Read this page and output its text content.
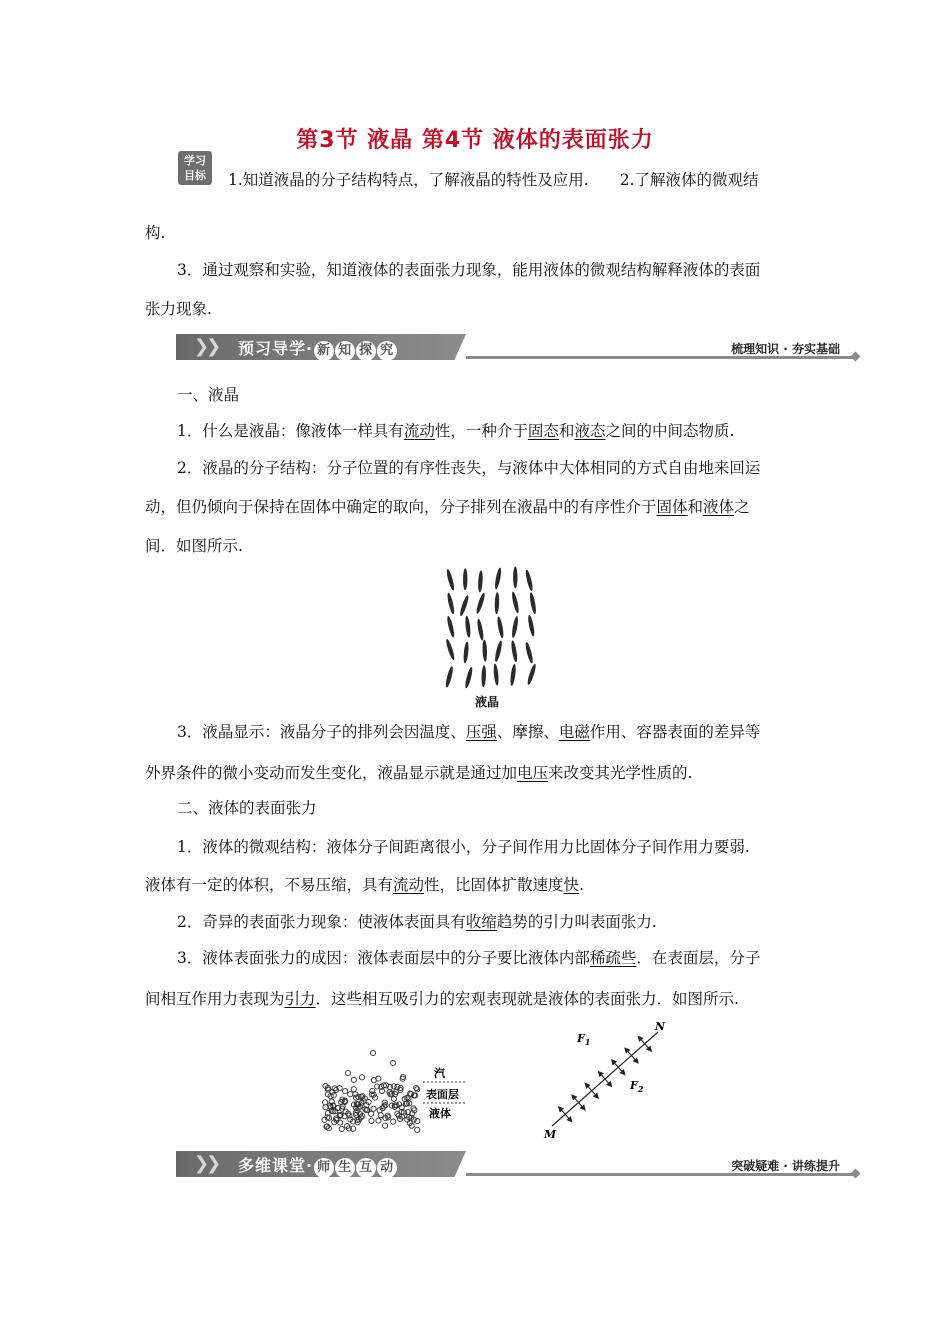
第3节 液晶 第4节 液体的表面张力
学习
目标	1.知道液晶的分子结构特点，了解液晶的特性及应用.　　2.了解液体的微观结
构.
3．通过观察和实验，知道液体的表面张力现象，能用液体的微观结构解释液体的表面
张力现象.
❯❯ 预习导学· 新 知 探 究	梳理知识 · 夯实基础
一、液晶
1．什么是液晶：像液体一样具有流动性，一种介于固态和液态之间的中间态物质.
2．液晶的分子结构：分子位置的有序性丧失，与液体中大体相同的方式自由地来回运
动，但仍倾向于保持在固体中确定的取向，分子排列在液晶中的有序性介于固体和液体之
间．如图所示.
液晶
3．液晶显示：液晶分子的排列会因温度、压强、摩擦、电磁作用、容器表面的差异等
外界条件的微小变动而发生变化，液晶显示就是通过加电压来改变其光学性质的.
二、液体的表面张力
1．液体的微观结构：液体分子间距离很小，分子间作用力比固体分子间作用力要弱.
液体有一定的体积，不易压缩，具有流动性，比固体扩散速度快.
2．奇异的表面张力现象：使液体表面具有收缩趋势的引力叫表面张力.
3．液体表面张力的成因：液体表面层中的分子要比液体内部稀疏些．在表面层，分子
间相互作用力表现为引力．这些相互吸引力的宏观表现就是液体的表面张力．如图所示.
汽
表面层
液体
$F_1$
$F_2$
N
M
❯❯ 多维课堂· 师 生 互 动	突破疑难 · 讲练提升
